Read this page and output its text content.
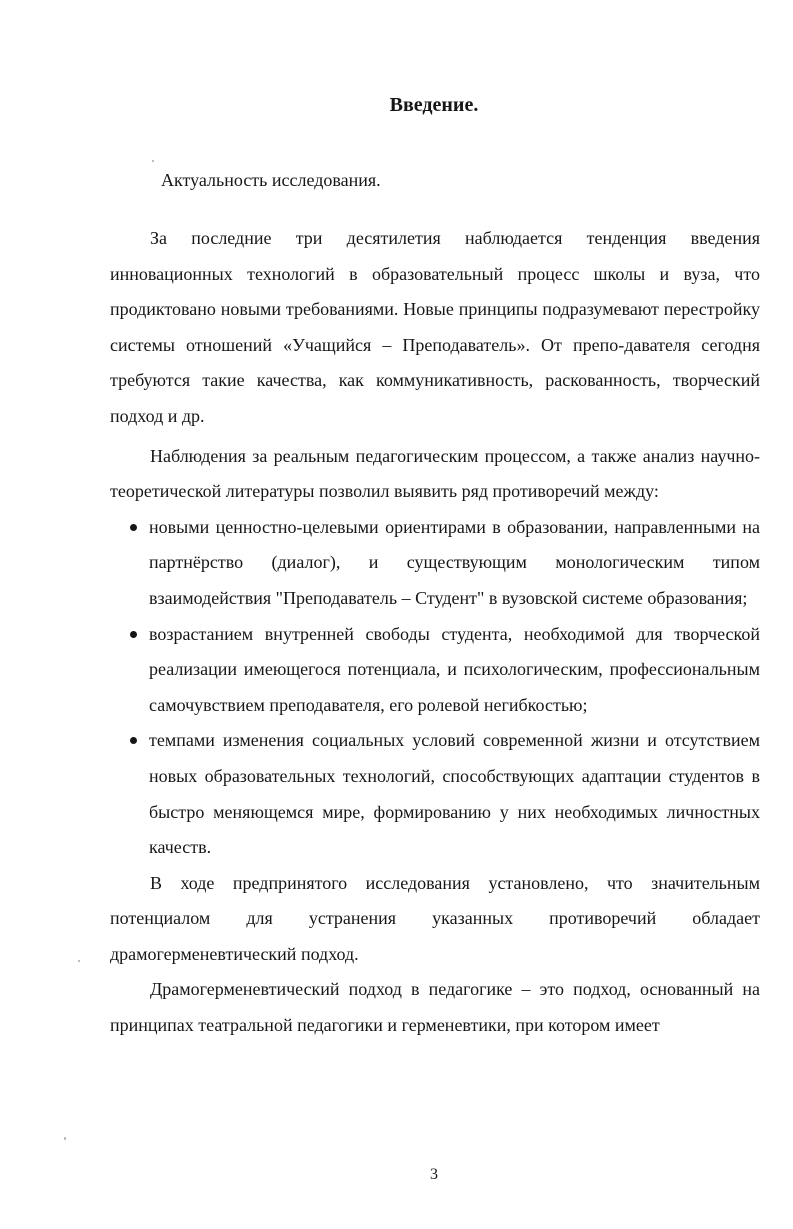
Введение.

Актуальность исследования.

За последние три десятилетия наблюдается тенденция введения инновационных технологий в образовательный процесс школы и вуза, что продиктовано новыми требованиями. Новые принципы подразумевают перестройку системы отношений «Учащийся – Преподаватель». От препо-давателя сегодня требуются такие качества, как коммуникативность, раскованность, творческий подход и др.

Наблюдения за реальным педагогическим процессом, а также анализ научно-теоретической литературы позволил выявить ряд противоречий между:

новыми ценностно-целевыми ориентирами в образовании, направленными на партнёрство (диалог), и существующим монологическим типом взаимодействия "Преподаватель – Студент" в вузовской системе образования;
возрастанием внутренней свободы студента, необходимой для творческой реализации имеющегося потенциала, и психологическим, профессиональным самочувствием преподавателя, его ролевой негибкостью;
темпами изменения социальных условий современной жизни и отсутствием новых образовательных технологий, способствующих адаптации студентов в быстро меняющемся мире, формированию у них необходимых личностных качеств.

В ходе предпринятого исследования установлено, что значительным потенциалом для устранения указанных противоречий обладает драмогерменевтический подход.

Драмогерменевтический подход в педагогике – это подход, основанный на принципах театральной педагогики и герменевтики, при котором имеет

3
